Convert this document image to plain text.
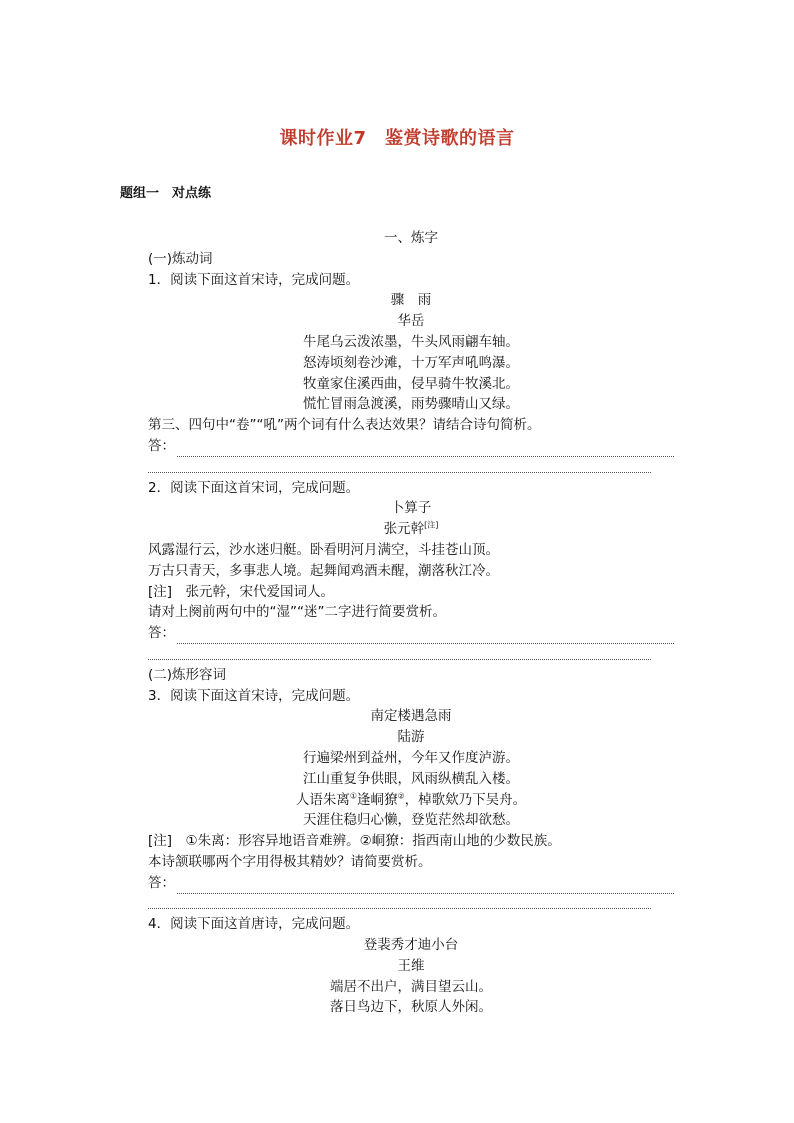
课时作业7　鉴赏诗歌的语言
题组一　对点练
一、炼字
(一)炼动词
1．阅读下面这首宋诗，完成问题。
骤　雨
华岳
牛尾乌云泼浓墨，牛头风雨翩车轴。
怒涛顷刻卷沙滩，十万军声吼鸣瀑。
牧童家住溪西曲，侵早骑牛牧溪北。
慌忙冒雨急渡溪，雨势骤晴山又绿。
第三、四句中“卷”“吼”两个词有什么表达效果？请结合诗句简析。
答：
2．阅读下面这首宋词，完成问题。
卜算子
张元幹[注]
风露湿行云，沙水迷归艇。卧看明河月满空，斗挂苍山顶。
万古只青天，多事悲人境。起舞闻鸡酒未醒，潮落秋江冷。
[注]　张元幹，宋代爱国词人。
请对上阕前两句中的“湿”“迷”二字进行简要赏析。
答：
(二)炼形容词
3．阅读下面这首宋诗，完成问题。
南定楼遇急雨
陆游
行遍梁州到益州，今年又作度泸游。
江山重复争供眼，风雨纵横乱入楼。
人语朱离①逢峒獠②，棹歌欸乃下吴舟。
天涯住稳归心懒，登览茫然却欲愁。
[注]　①朱离：形容异地语音难辨。②峒獠：指西南山地的少数民族。
本诗颔联哪两个字用得极其精妙？请简要赏析。
答：
4．阅读下面这首唐诗，完成问题。
登裴秀才迪小台
王维
端居不出户，满目望云山。
落日鸟边下，秋原人外闲。
